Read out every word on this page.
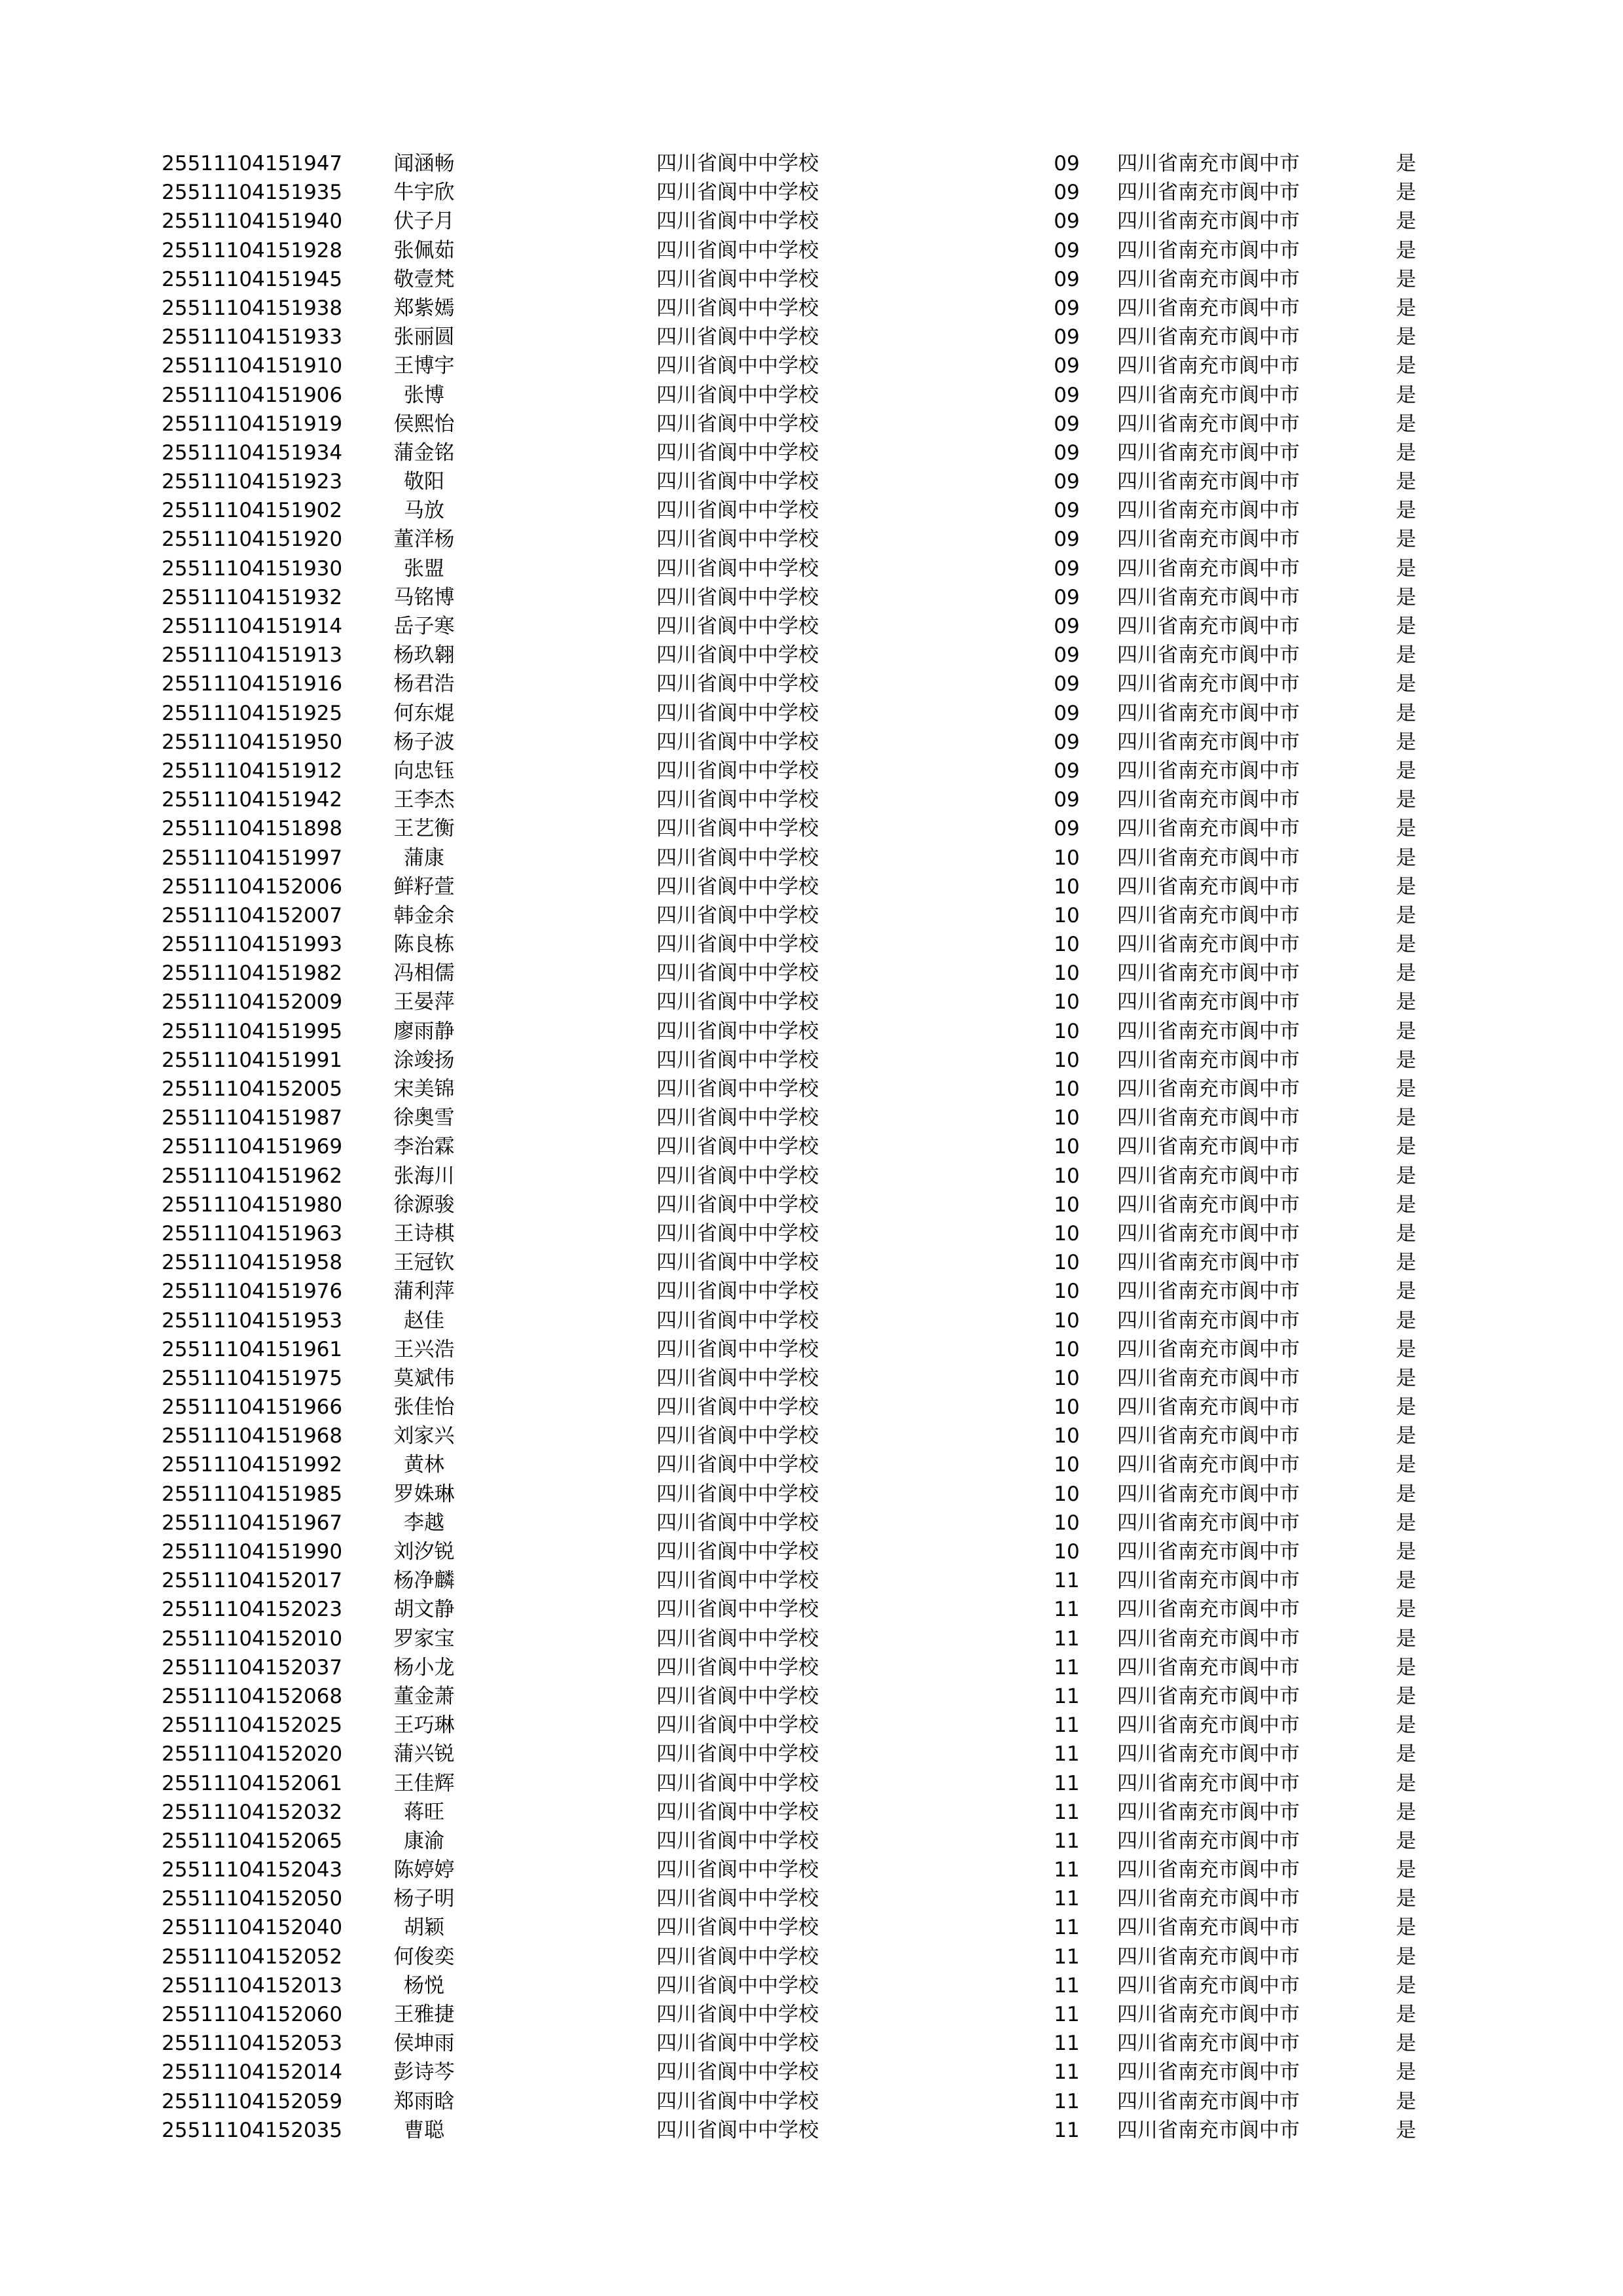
25511104151947	闻涵畅	四川省阆中中学校	09	四川省南充市阆中市	是
25511104151935	牛宇欣	四川省阆中中学校	09	四川省南充市阆中市	是
25511104151940	伏子月	四川省阆中中学校	09	四川省南充市阆中市	是
25511104151928	张佩茹	四川省阆中中学校	09	四川省南充市阆中市	是
25511104151945	敬壹梵	四川省阆中中学校	09	四川省南充市阆中市	是
25511104151938	郑紫嫣	四川省阆中中学校	09	四川省南充市阆中市	是
25511104151933	张丽圆	四川省阆中中学校	09	四川省南充市阆中市	是
25511104151910	王博宇	四川省阆中中学校	09	四川省南充市阆中市	是
25511104151906	张博	四川省阆中中学校	09	四川省南充市阆中市	是
25511104151919	侯熙怡	四川省阆中中学校	09	四川省南充市阆中市	是
25511104151934	蒲金铭	四川省阆中中学校	09	四川省南充市阆中市	是
25511104151923	敬阳	四川省阆中中学校	09	四川省南充市阆中市	是
25511104151902	马放	四川省阆中中学校	09	四川省南充市阆中市	是
25511104151920	董洋杨	四川省阆中中学校	09	四川省南充市阆中市	是
25511104151930	张盟	四川省阆中中学校	09	四川省南充市阆中市	是
25511104151932	马铭博	四川省阆中中学校	09	四川省南充市阆中市	是
25511104151914	岳子寒	四川省阆中中学校	09	四川省南充市阆中市	是
25511104151913	杨玖翱	四川省阆中中学校	09	四川省南充市阆中市	是
25511104151916	杨君浩	四川省阆中中学校	09	四川省南充市阆中市	是
25511104151925	何东焜	四川省阆中中学校	09	四川省南充市阆中市	是
25511104151950	杨子波	四川省阆中中学校	09	四川省南充市阆中市	是
25511104151912	向忠钰	四川省阆中中学校	09	四川省南充市阆中市	是
25511104151942	王李杰	四川省阆中中学校	09	四川省南充市阆中市	是
25511104151898	王艺衡	四川省阆中中学校	09	四川省南充市阆中市	是
25511104151997	蒲康	四川省阆中中学校	10	四川省南充市阆中市	是
25511104152006	鲜籽萱	四川省阆中中学校	10	四川省南充市阆中市	是
25511104152007	韩金余	四川省阆中中学校	10	四川省南充市阆中市	是
25511104151993	陈良栋	四川省阆中中学校	10	四川省南充市阆中市	是
25511104151982	冯相儒	四川省阆中中学校	10	四川省南充市阆中市	是
25511104152009	王晏萍	四川省阆中中学校	10	四川省南充市阆中市	是
25511104151995	廖雨静	四川省阆中中学校	10	四川省南充市阆中市	是
25511104151991	涂竣扬	四川省阆中中学校	10	四川省南充市阆中市	是
25511104152005	宋美锦	四川省阆中中学校	10	四川省南充市阆中市	是
25511104151987	徐奥雪	四川省阆中中学校	10	四川省南充市阆中市	是
25511104151969	李治霖	四川省阆中中学校	10	四川省南充市阆中市	是
25511104151962	张海川	四川省阆中中学校	10	四川省南充市阆中市	是
25511104151980	徐源骏	四川省阆中中学校	10	四川省南充市阆中市	是
25511104151963	王诗棋	四川省阆中中学校	10	四川省南充市阆中市	是
25511104151958	王冠钦	四川省阆中中学校	10	四川省南充市阆中市	是
25511104151976	蒲利萍	四川省阆中中学校	10	四川省南充市阆中市	是
25511104151953	赵佳	四川省阆中中学校	10	四川省南充市阆中市	是
25511104151961	王兴浩	四川省阆中中学校	10	四川省南充市阆中市	是
25511104151975	莫斌伟	四川省阆中中学校	10	四川省南充市阆中市	是
25511104151966	张佳怡	四川省阆中中学校	10	四川省南充市阆中市	是
25511104151968	刘家兴	四川省阆中中学校	10	四川省南充市阆中市	是
25511104151992	黄林	四川省阆中中学校	10	四川省南充市阆中市	是
25511104151985	罗姝琳	四川省阆中中学校	10	四川省南充市阆中市	是
25511104151967	李越	四川省阆中中学校	10	四川省南充市阆中市	是
25511104151990	刘汐锐	四川省阆中中学校	10	四川省南充市阆中市	是
25511104152017	杨净麟	四川省阆中中学校	11	四川省南充市阆中市	是
25511104152023	胡文静	四川省阆中中学校	11	四川省南充市阆中市	是
25511104152010	罗家宝	四川省阆中中学校	11	四川省南充市阆中市	是
25511104152037	杨小龙	四川省阆中中学校	11	四川省南充市阆中市	是
25511104152068	董金萧	四川省阆中中学校	11	四川省南充市阆中市	是
25511104152025	王巧琳	四川省阆中中学校	11	四川省南充市阆中市	是
25511104152020	蒲兴锐	四川省阆中中学校	11	四川省南充市阆中市	是
25511104152061	王佳辉	四川省阆中中学校	11	四川省南充市阆中市	是
25511104152032	蒋旺	四川省阆中中学校	11	四川省南充市阆中市	是
25511104152065	康渝	四川省阆中中学校	11	四川省南充市阆中市	是
25511104152043	陈婷婷	四川省阆中中学校	11	四川省南充市阆中市	是
25511104152050	杨子明	四川省阆中中学校	11	四川省南充市阆中市	是
25511104152040	胡颖	四川省阆中中学校	11	四川省南充市阆中市	是
25511104152052	何俊奕	四川省阆中中学校	11	四川省南充市阆中市	是
25511104152013	杨悦	四川省阆中中学校	11	四川省南充市阆中市	是
25511104152060	王雅捷	四川省阆中中学校	11	四川省南充市阆中市	是
25511104152053	侯坤雨	四川省阆中中学校	11	四川省南充市阆中市	是
25511104152014	彭诗芩	四川省阆中中学校	11	四川省南充市阆中市	是
25511104152059	郑雨晗	四川省阆中中学校	11	四川省南充市阆中市	是
25511104152035	曹聪	四川省阆中中学校	11	四川省南充市阆中市	是
